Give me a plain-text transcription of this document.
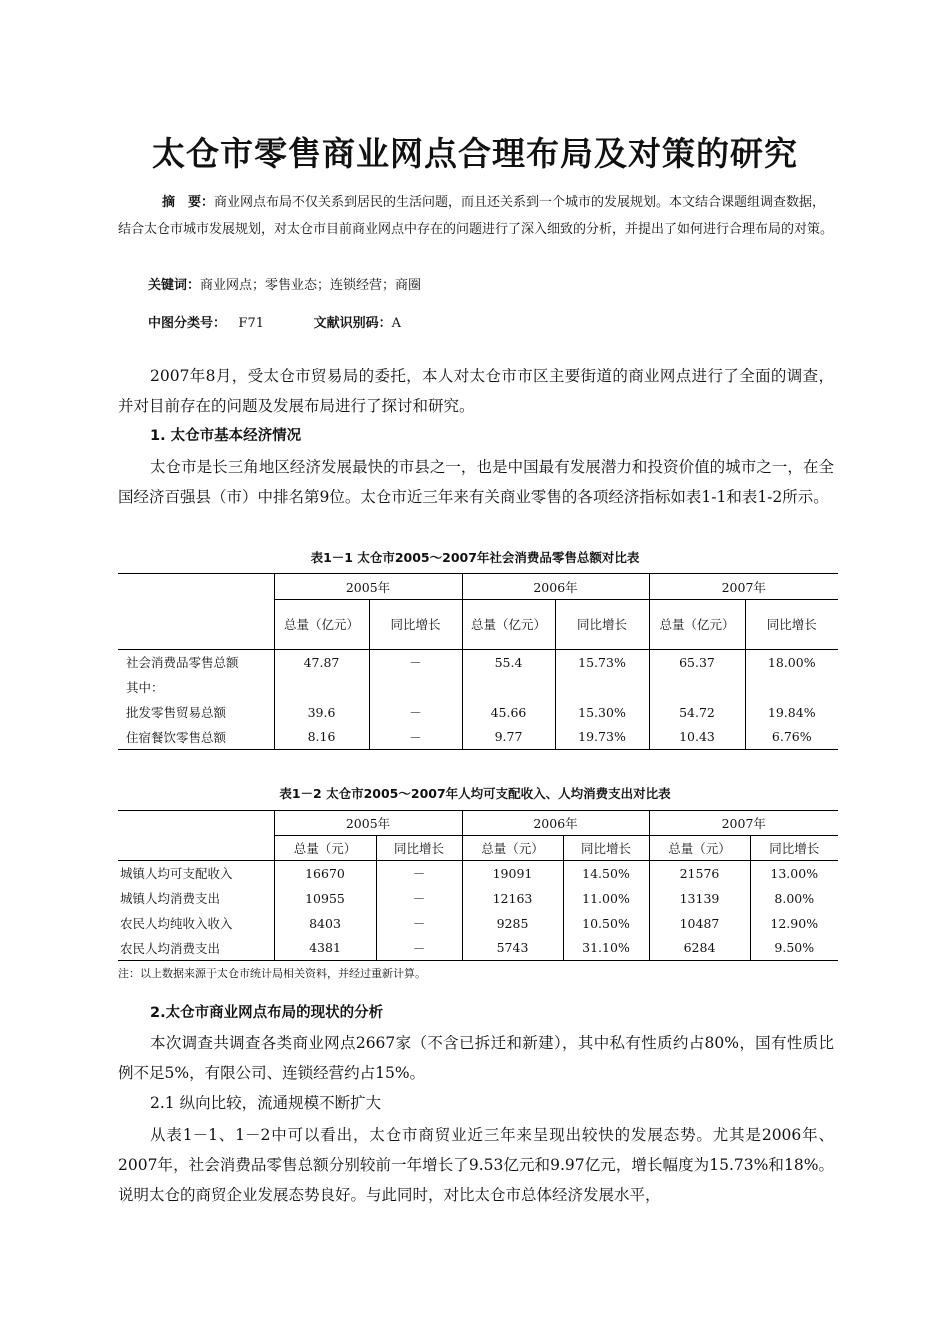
太仓市零售商业网点合理布局及对策的研究
摘　要：商业网点布局不仅关系到居民的生活问题，而且还关系到一个城市的发展规划。本文结合课题组调查数据，结合太仓市城市发展规划，对太仓市目前商业网点中存在的问题进行了深入细致的分析，并提出了如何进行合理布局的对策。
关键词：商业网点；零售业态；连锁经营；商圈
中图分类号： F71	文献识别码：A
2007年8月，受太仓市贸易局的委托，本人对太仓市市区主要街道的商业网点进行了全面的调查，并对目前存在的问题及发展布局进行了探讨和研究。
1. 太仓市基本经济情况
太仓市是长三角地区经济发展最快的市县之一，也是中国最有发展潜力和投资价值的城市之一，在全国经济百强县（市）中排名第9位。太仓市近三年来有关商业零售的各项经济指标如表1-1和表1-2所示。
表1－1 太仓市2005～2007年社会消费品零售总额对比表
	2005年		2006年		2007年	
	总量（亿元）	同比增长	总量（亿元）	同比增长	总量（亿元）	同比增长
社会消费品零售总额	47.87	－	55.4	15.73%	65.37	18.00%
其中：						
批发零售贸易总额	39.6	－	45.66	15.30%	54.72	19.84%
住宿餐饮零售总额	8.16	－	9.77	19.73%	10.43	6.76%
表1－2 太仓市2005～2007年人均可支配收入、人均消费支出对比表
	2005年		2006年		2007年	
	总量（元）	同比增长	总量（元）	同比增长	总量（元）	同比增长
城镇人均可支配收入	16670	－	19091	14.50%	21576	13.00%
城镇人均消费支出	10955	－	12163	11.00%	13139	8.00%
农民人均纯收入收入	8403	－	9285	10.50%	10487	12.90%
农民人均消费支出	4381	－	5743	31.10%	6284	9.50%
注：以上数据来源于太仓市统计局相关资料，并经过重新计算。
2.太仓市商业网点布局的现状的分析
本次调查共调查各类商业网点2667家（不含已拆迁和新建），其中私有性质约占80%，国有性质比例不足5%，有限公司、连锁经营约占15%。
2.1 纵向比较，流通规模不断扩大
从表1－1、1－2中可以看出，太仓市商贸业近三年来呈现出较快的发展态势。尤其是2006年、2007年，社会消费品零售总额分别较前一年增长了9.53亿元和9.97亿元，增长幅度为15.73%和18%。说明太仓的商贸企业发展态势良好。与此同时，对比太仓市总体经济发展水平，
